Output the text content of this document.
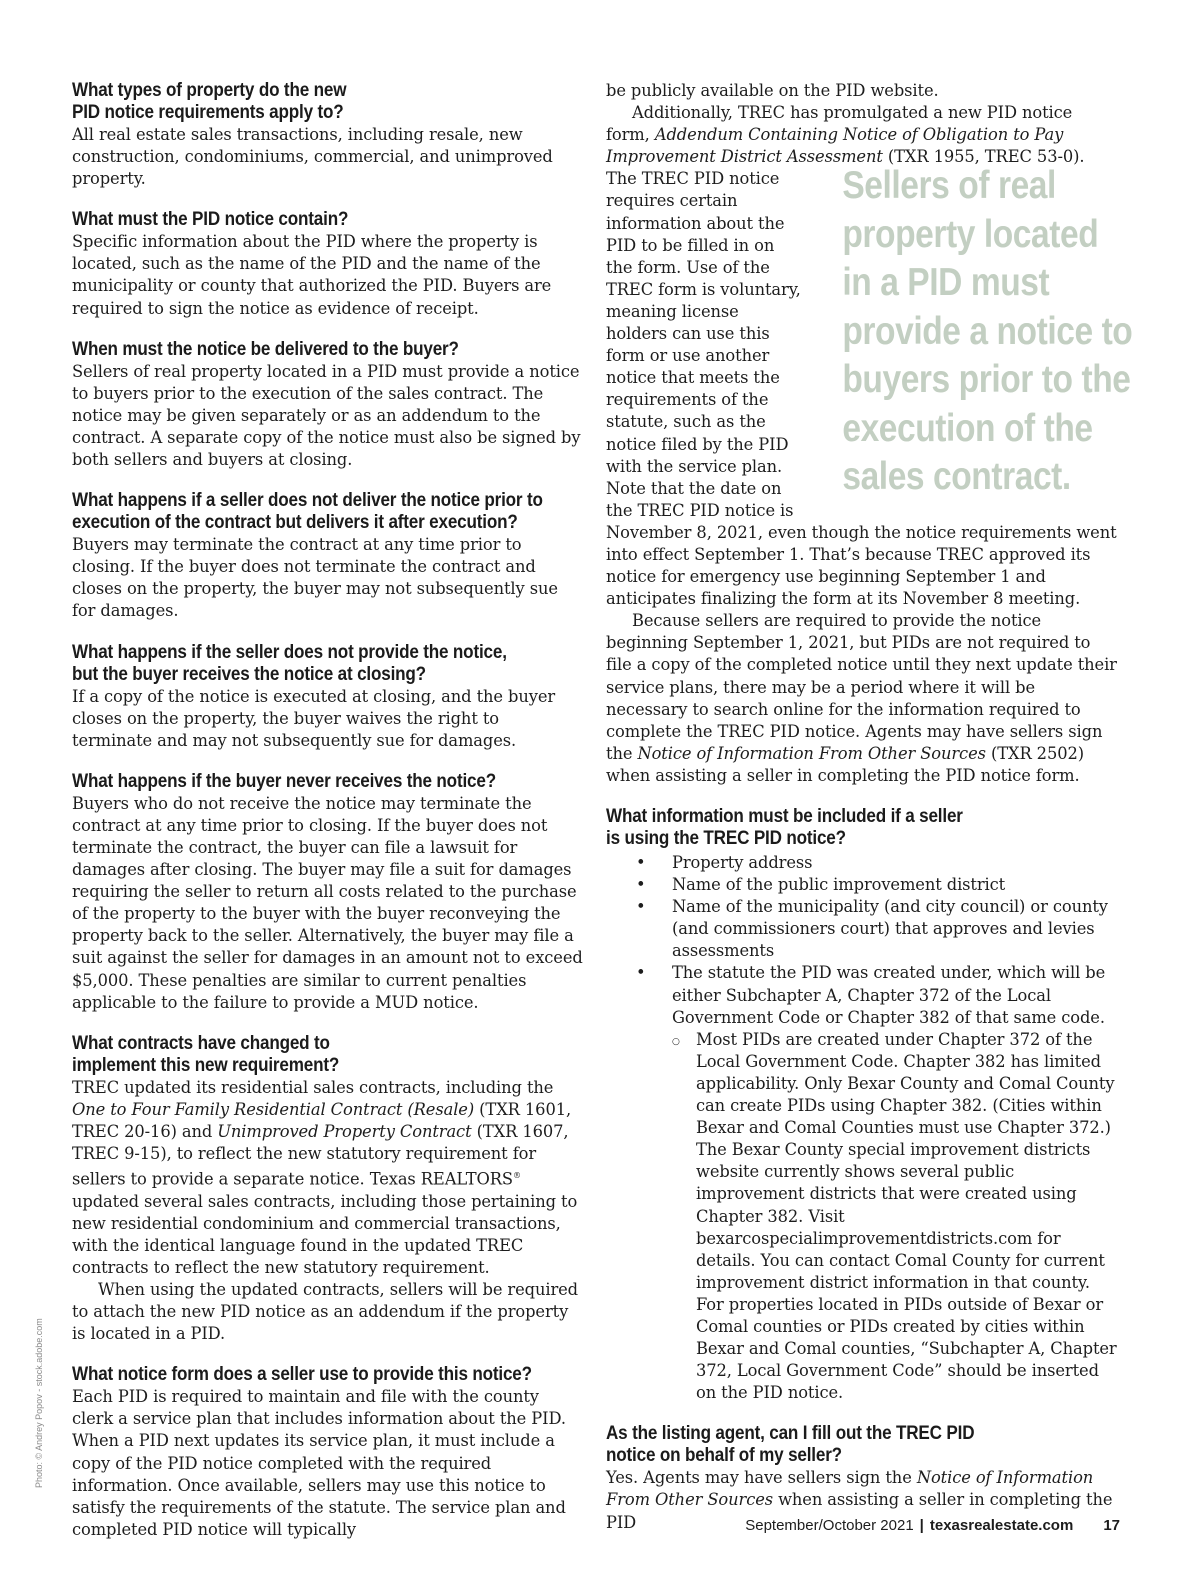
What types of property do the new
PID notice requirements apply to?

All real estate sales transactions, including resale, new construction, condominiums, commercial, and unimproved property.

What must the PID notice contain?

Specific information about the PID where the property is located, such as the name of the PID and the name of the municipality or county that authorized the PID. Buyers are required to sign the notice as evidence of receipt.

When must the notice be delivered to the buyer?

Sellers of real property located in a PID must provide a notice to buyers prior to the execution of the sales contract. The notice may be given separately or as an addendum to the contract. A separate copy of the notice must also be signed by both sellers and buyers at closing.

What happens if a seller does not deliver the notice prior to
execution of the contract but delivers it after execution?

Buyers may terminate the contract at any time prior to closing. If the buyer does not terminate the contract and closes on the property, the buyer may not subsequently sue for damages.

What happens if the seller does not provide the notice,
but the buyer receives the notice at closing?

If a copy of the notice is executed at closing, and the buyer closes on the property, the buyer waives the right to terminate and may not subsequently sue for damages.

What happens if the buyer never receives the notice?

Buyers who do not receive the notice may terminate the contract at any time prior to closing. If the buyer does not terminate the contract, the buyer can file a lawsuit for damages after closing. The buyer may file a suit for damages requiring the seller to return all costs related to the purchase of the property to the buyer with the buyer reconveying the property back to the seller. Alternatively, the buyer may file a suit against the seller for damages in an amount not to exceed $5,000. These penalties are similar to current penalties applicable to the failure to provide a MUD notice.

What contracts have changed to
implement this new requirement?

TREC updated its residential sales contracts, including the One to Four Family Residential Contract (Resale) (TXR 1601, TREC 20-16) and Unimproved Property Contract (TXR 1607, TREC 9-15), to reflect the new statutory requirement for sellers to provide a separate notice. Texas REALTORS® updated several sales contracts, including those pertaining to new residential condominium and commercial transactions, with the identical language found in the updated TREC contracts to reflect the new statutory requirement.

When using the updated contracts, sellers will be required to attach the new PID notice as an addendum if the property is located in a PID.

What notice form does a seller use to provide this notice?

Each PID is required to maintain and file with the county clerk a service plan that includes information about the PID. When a PID next updates its service plan, it must include a copy of the PID notice completed with the required information. Once available, sellers may use this notice to satisfy the requirements of the statute. The service plan and completed PID notice will typically

be publicly available on the PID website.

Additionally, TREC has promulgated a new PID notice form, Addendum Containing Notice of Obligation to Pay Improvement District Assessment
Sellers of real
property located
in a PID must
provide a notice to
buyers prior to the
execution of the
sales contract.
(TXR 1955, TREC 53-0). The TREC PID notice requires certain information about the PID to be filled in on the form. Use of the TREC form is voluntary, meaning license holders can use this form or use another notice that meets the requirements of the statute, such as the notice filed by the PID with the service plan. Note that the date on the TREC PID notice is November 8, 2021, even though the notice requirements went into effect September 1. That’s because TREC approved its notice for emergency use beginning September 1 and anticipates finalizing the form at its November 8 meeting.

Because sellers are required to provide the notice beginning September 1, 2021, but PIDs are not required to file a copy of the completed notice until they next update their service plans, there may be a period where it will be necessary to search online for the information required to complete the TREC PID notice. Agents may have sellers sign the Notice of Information From Other Sources (TXR 2502) when assisting a seller in completing the PID notice form.

What information must be included if a seller
is using the TREC PID notice?
• Property address
• Name of the public improvement district
• Name of the municipality (and city council) or county (and commissioners court) that approves and levies assessments
• The statute the PID was created under, which will be either Subchapter A, Chapter 372 of the Local Government Code or Chapter 382 of that same code.
○ Most PIDs are created under Chapter 372 of the Local Government Code. Chapter 382 has limited applicability. Only Bexar County and Comal County can create PIDs using Chapter 382. (Cities within Bexar and Comal Counties must use Chapter 372.) The Bexar County special improvement districts website currently shows several public improvement districts that were created using Chapter 382. Visit bexarcospecialimprovementdistricts.com for details. You can contact Comal County for current improvement district information in that county. For properties located in PIDs outside of Bexar or Comal counties or PIDs created by cities within Bexar and Comal counties, “Subchapter A, Chapter 372, Local Government Code” should be inserted on the PID notice.
As the listing agent, can I fill out the TREC PID
notice on behalf of my seller?

Yes. Agents may have sellers sign the Notice of Information From Other Sources when assisting a seller in completing the PID

Photo: © Andrey Popov - stock.adobe.com
September/October 2021 | texasrealestate.com 17
